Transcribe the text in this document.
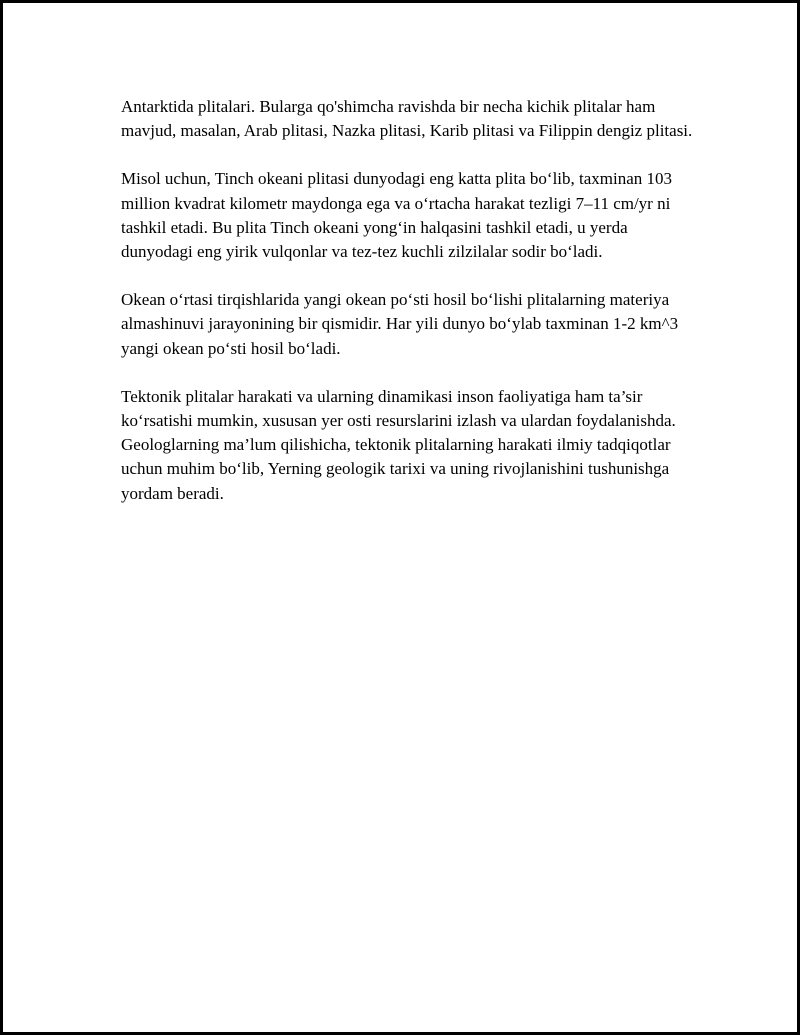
Antarktida plitalari. Bularga qo'shimcha ravishda bir necha kichik plitalar ham mavjud, masalan, Arab plitasi, Nazka plitasi, Karib plitasi va Filippin dengiz plitasi.

Misol uchun, Tinch okeani plitasi dunyodagi eng katta plita bo‘lib, taxminan 103 million kvadrat kilometr maydonga ega va o‘rtacha harakat tezligi 7–11 cm/yr ni tashkil etadi. Bu plita Tinch okeani yong‘in halqasini tashkil etadi, u yerda dunyodagi eng yirik vulqonlar va tez-tez kuchli zilzilalar sodir bo‘ladi.

Okean o‘rtasi tirqishlarida yangi okean po‘sti hosil bo‘lishi plitalarning materiya almashinuvi jarayonining bir qismidir. Har yili dunyo bo‘ylab taxminan 1-2 km^3 yangi okean po‘sti hosil bo‘ladi.

Tektonik plitalar harakati va ularning dinamikasi inson faoliyatiga ham ta’sir ko‘rsatishi mumkin, xususan yer osti resurslarini izlash va ulardan foydalanishda. Geologlarning ma’lum qilishicha, tektonik plitalarning harakati ilmiy tadqiqotlar uchun muhim bo‘lib, Yerning geologik tarixi va uning rivojlanishini tushunishga yordam beradi.
